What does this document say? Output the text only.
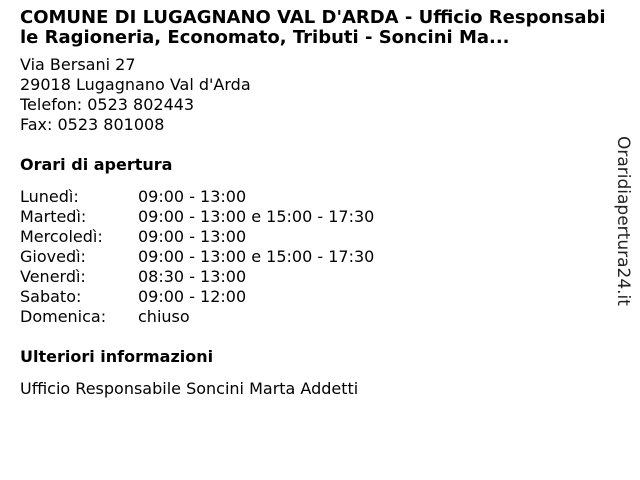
COMUNE DI LUGAGNANO VAL D'ARDA - Ufficio Responsabile Ragioneria, Economato, Tributi - Soncini Ma...
Via Bersani 27
29018 Lugagnano Val d'Arda
Telefon: 0523 802443
Fax: 0523 801008
Orari di apertura
Lunedì:	09:00 - 13:00
Martedì:	09:00 - 13:00 e 15:00 - 17:30
Mercoledì:	09:00 - 13:00
Giovedì:	09:00 - 13:00 e 15:00 - 17:30
Venerdì:	08:30 - 13:00
Sabato:	09:00 - 12:00
Domenica:	chiuso
Ulteriori informazioni
Ufficio Responsabile Soncini Marta Addetti
Oraridiapertura24.it
